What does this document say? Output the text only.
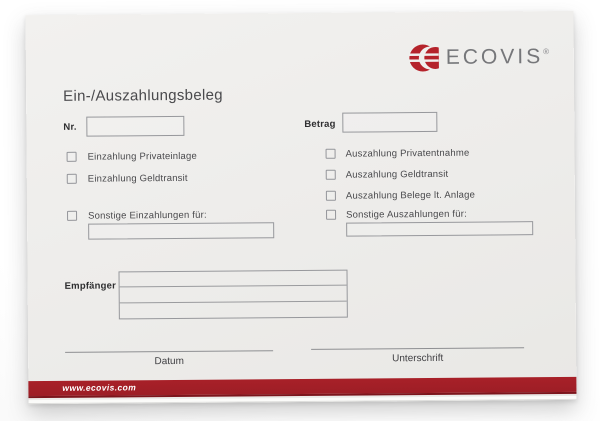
ECOVIS®
Ein-/Auszahlungsbeleg
Nr.	Betrag
Einzahlung Privateinlage
Einzahlung Geldtransit
Sonstige Einzahlungen für:
Auszahlung Privatentnahme
Auszahlung Geldtransit
Auszahlung Belege lt. Anlage
Sonstige Auszahlungen für:
Empfänger
Datum	Unterschrift
www.ecovis.com
